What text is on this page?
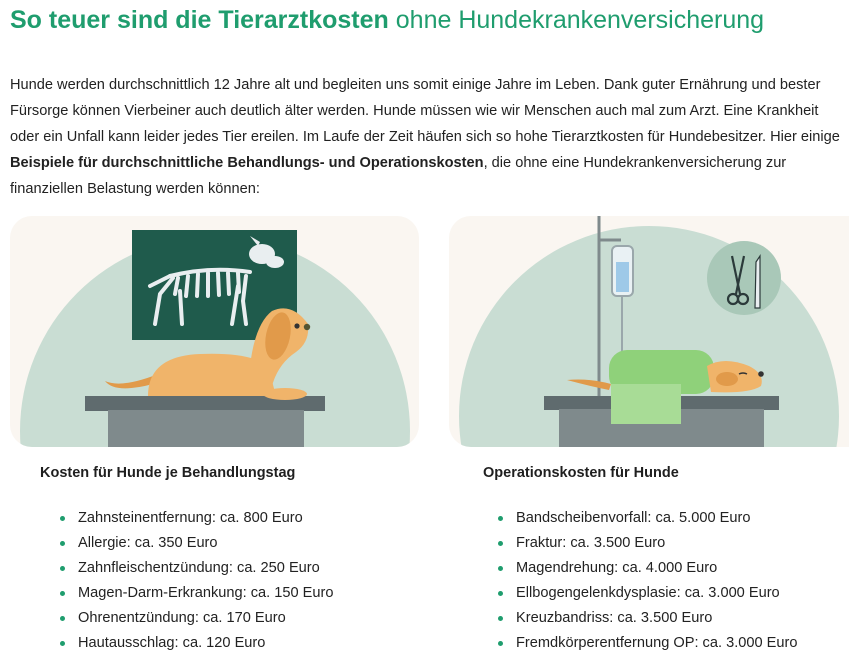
So teuer sind die Tierarztkosten ohne Hundekrankenversicherung

Hunde werden durchschnittlich 12 Jahre alt und begleiten uns somit einige Jahre im Leben. Dank guter Ernährung und bester Fürsorge können Vierbeiner auch deutlich älter werden. Hunde müssen wie wir Menschen auch mal zum Arzt. Eine Krankheit oder ein Unfall kann leider jedes Tier ereilen. Im Laufe der Zeit häufen sich so hohe Tierarztkosten für Hundebesitzer. Hier einige Beispiele für durchschnittliche Behandlungs- und Operationskosten, die ohne eine Hundekrankenversicherung zur finanziellen Belastung werden können:

Kosten für Hunde je Behandlungstag	Operationskosten für Hunde
Zahnsteinentfernung: ca. 800 Euro
Allergie: ca. 350 Euro
Zahnfleischentzündung: ca. 250 Euro
Magen-Darm-Erkrankung: ca. 150 Euro
Ohrenentzündung: ca. 170 Euro
Hautausschlag: ca. 120 Euro
Bandscheibenvorfall: ca. 5.000 Euro
Fraktur: ca. 3.500 Euro
Magendrehung: ca. 4.000 Euro
Ellbogengelenkdysplasie: ca. 3.000 Euro
Kreuzbandriss: ca. 3.500 Euro
Fremdkörperentfernung OP: ca. 3.000 Euro
